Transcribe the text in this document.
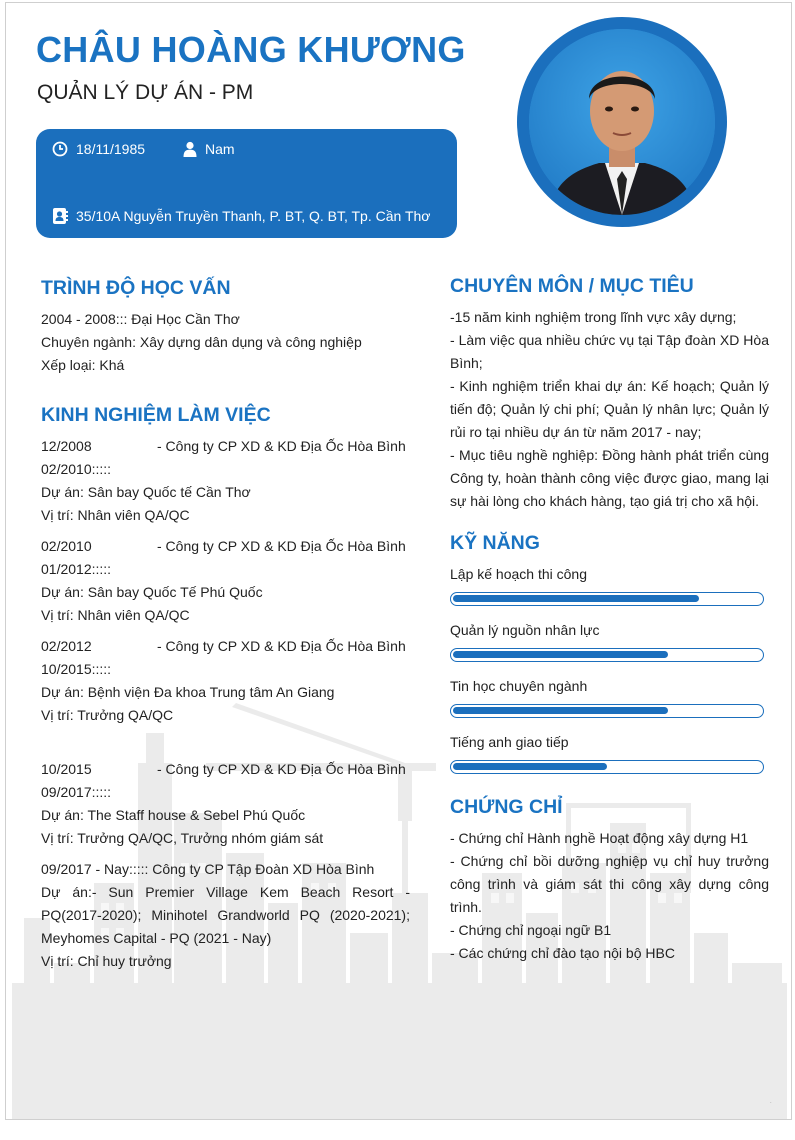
CHÂU HOÀNG KHƯƠNG
QUẢN LÝ DỰ ÁN - PM
18/11/1985	Nam
35/10A Nguyễn Truyền Thanh, P. BT, Q. BT, Tp. Cần Thơ
TRÌNH ĐỘ HỌC VẤN
2004 - 2008::: Đại Học Cần Thơ
Chuyên ngành: Xây dựng dân dụng và công nghiệp
Xếp loại: Khá
KINH NGHIỆM LÀM VIỆC
12/2008	- Công ty CP XD & KD Địa Ốc Hòa Bình
02/2010:::::
Dự án: Sân bay Quốc tế Cần Thơ
Vị trí: Nhân viên QA/QC
02/2010	- Công ty CP XD & KD Địa Ốc Hòa Bình
01/2012:::::
Dự án: Sân bay Quốc Tế Phú Quốc
Vị trí: Nhân viên QA/QC
02/2012	- Công ty CP XD & KD Địa Ốc Hòa Bình
10/2015:::::
Dự án: Bệnh viện Đa khoa Trung tâm An Giang
Vị trí: Trưởng QA/QC
10/2015	- Công ty CP XD & KD Địa Ốc Hòa Bình
09/2017:::::
Dự án: The Staff house & Sebel Phú Quốc
Vị trí: Trưởng QA/QC, Trưởng nhóm giám sát
09/2017 - Nay::::: Công ty CP Tập Đoàn XD Hòa Bình
Dự án:- Sun Premier Village Kem Beach Resort - PQ(2017-2020); Minihotel Grandworld PQ (2020-2021); Meyhomes Capital - PQ (2021 - Nay)
Vị trí: Chỉ huy trưởng
CHUYÊN MÔN / MỤC TIÊU
-15 năm kinh nghiệm trong lĩnh vực xây dựng;
- Làm việc qua nhiều chức vụ tại Tập đoàn XD Hòa Bình;
- Kinh nghiệm triển khai dự án: Kế hoạch; Quản lý tiến độ; Quản lý chi phí; Quản lý nhân lực; Quản lý rủi ro tại nhiều dự án từ năm 2017 - nay;
- Mục tiêu nghề nghiệp: Đồng hành phát triển cùng Công ty, hoàn thành công việc được giao, mang lại sự hài lòng cho khách hàng, tạo giá trị cho xã hội.
KỸ NĂNG
Lập kế hoạch thi công
Quản lý nguồn nhân lực
Tin học chuyên ngành
Tiếng anh giao tiếp
CHỨNG CHỈ
- Chứng chỉ Hành nghề Hoạt động xây dựng H1
- Chứng chỉ bồi dưỡng nghiệp vụ chỉ huy trưởng công trình và giám sát thi công xây dựng công trình.
- Chứng chỉ ngoại ngữ B1
- Các chứng chỉ đào tạo nội bộ HBC
.
